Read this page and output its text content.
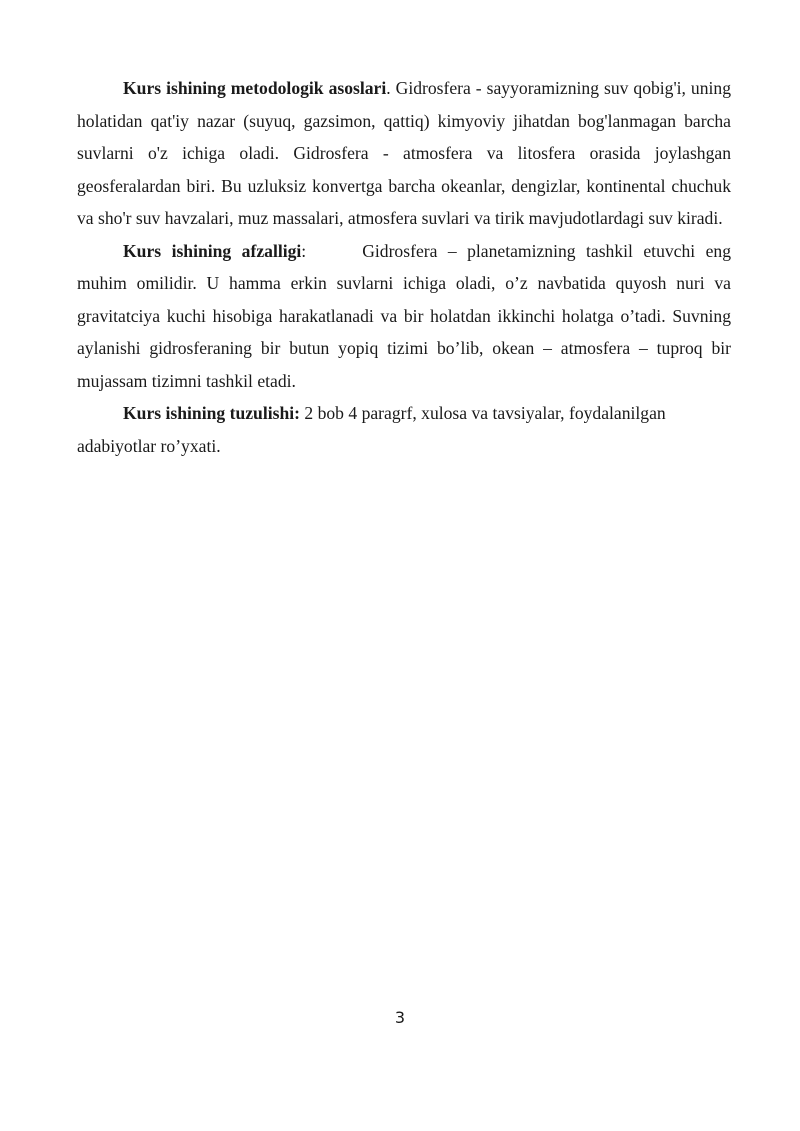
Kurs ishining metodologik asoslari. Gidrosfera - sayyoramizning suv qobig'i, uning holatidan qat'iy nazar (suyuq, gazsimon, qattiq) kimyoviy jihatdan bog'lanmagan barcha suvlarni o'z ichiga oladi. Gidrosfera - atmosfera va litosfera orasida joylashgan geosferalardan biri. Bu uzluksiz konvertga barcha okeanlar, dengizlar, kontinental chuchuk va sho'r suv havzalari, muz massalari, atmosfera suvlari va tirik mavjudotlardagi suv kiradi.

Kurs ishining afzalligi:	Gidrosfera – planetamizning tashkil etuvchi eng muhim omilidir. U hamma erkin suvlarni ichiga oladi, o’z navbatida quyosh nuri va gravitatciya kuchi hisobiga harakatlanadi va bir holatdan ikkinchi holatga o’tadi. Suvning aylanishi gidrosferaning bir butun yopiq tizimi bo’lib, okean – atmosfera – tuproq bir mujassam tizimni tashkil etadi.

Kurs ishining tuzulishi: 2 bob 4 paragrf, xulosa va tavsiyalar, foydalanilgan adabiyotlar ro’yxati.

3
